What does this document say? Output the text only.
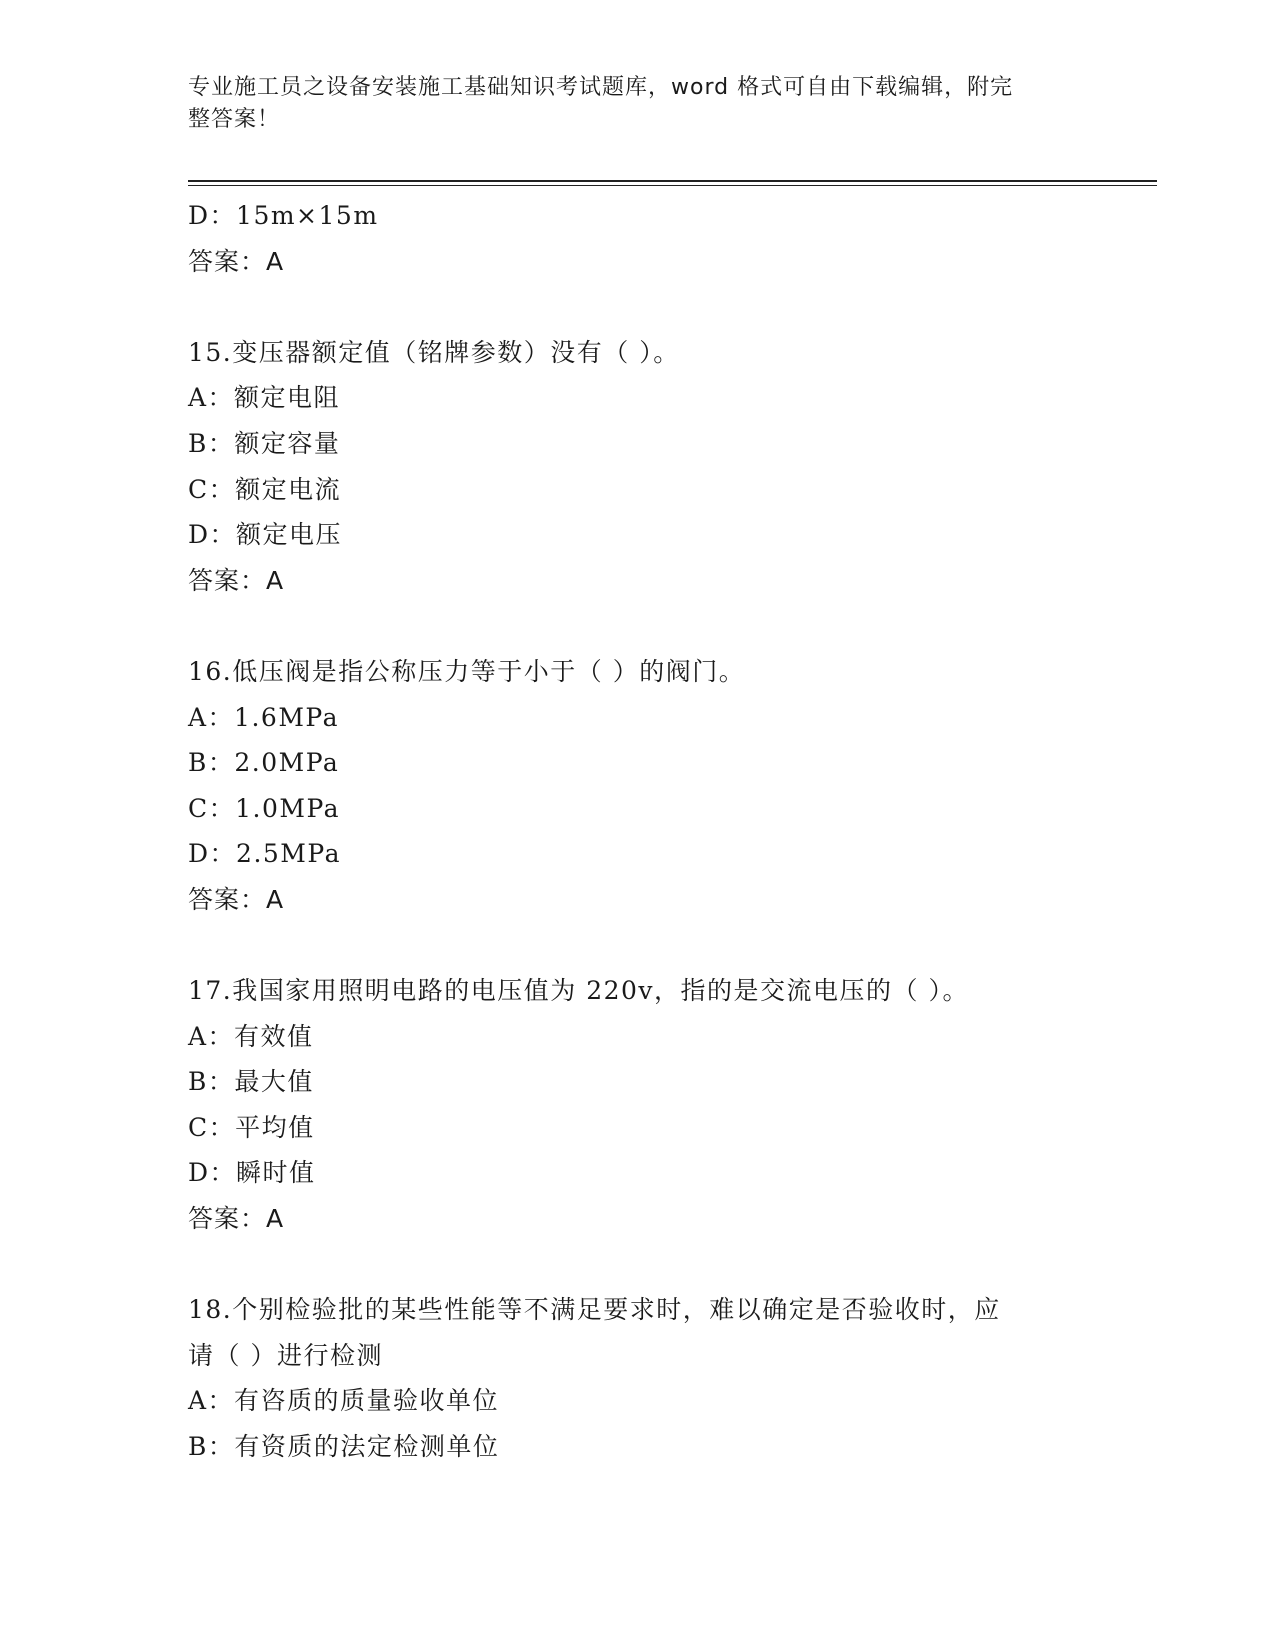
专业施工员之设备安装施工基础知识考试题库，word 格式可自由下载编辑，附完
整答案！
D：15m×15m
答案：A
15.变压器额定值（铭牌参数）没有（ ）。
A：额定电阻
B：额定容量
C：额定电流
D：额定电压
答案：A
16.低压阀是指公称压力等于小于（ ）的阀门。
A：1.6MPa
B：2.0MPa
C：1.0MPa
D：2.5MPa
答案：A
17.我国家用照明电路的电压值为 220v，指的是交流电压的（ ）。
A：有效值
B：最大值
C：平均值
D：瞬时值
答案：A
18.个别检验批的某些性能等不满足要求时，难以确定是否验收时，应
请（ ）进行检测
A：有咨质的质量验收单位
B：有资质的法定检测单位
